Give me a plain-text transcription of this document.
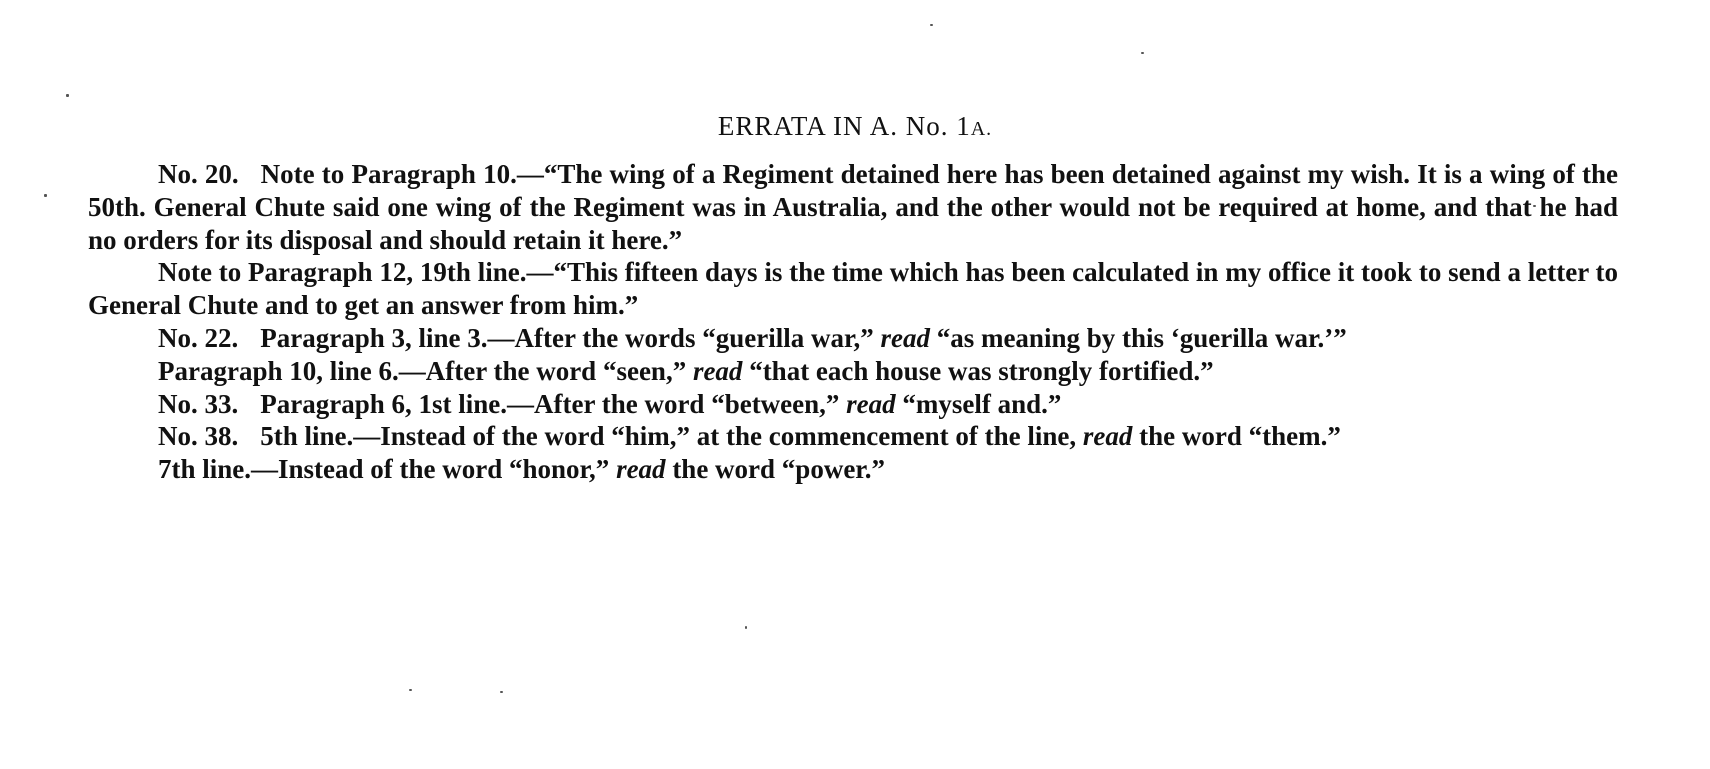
ERRATA IN A. No. 1A.

No. 20. Note to Paragraph 10.—“The wing of a Regiment detained here has been detained against my wish. It is a wing of the 50th. General Chute said one wing of the Regiment was in Australia, and the other would not be required at home, and that he had no orders for its disposal and should retain it here.”

Note to Paragraph 12, 19th line.—“This fifteen days is the time which has been calculated in my office it took to send a letter to General Chute and to get an answer from him.”

No. 22. Paragraph 3, line 3.—After the words “guerilla war,” read “as meaning by this ‘guerilla war.’”

Paragraph 10, line 6.—After the word “seen,” read “that each house was strongly fortified.”

No. 33. Paragraph 6, 1st line.—After the word “between,” read “myself and.”

No. 38. 5th line.—Instead of the word “him,” at the commencement of the line, read the word “them.”

7th line.—Instead of the word “honor,” read the word “power.”
